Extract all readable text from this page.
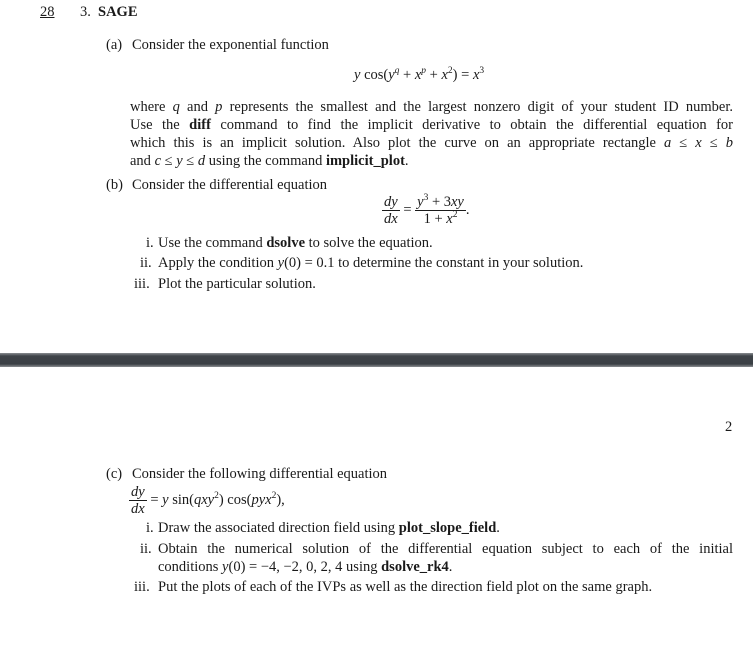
28 3. SAGE
(a) Consider the exponential function
y $\cos(y^q + x^p + x^2) = x^3$
where q and p represents the smallest and the largest nonzero digit of your student ID number.
Use the diff command to find the implicit derivative to obtain the differential equation for
which this is an implicit solution. Also plot the curve on an appropriate rectangle a ≤ x ≤ b
and c ≤ y ≤ d using the command implicit_plot.
(b) Consider the differential equation
$\frac{dy}{dx} = \frac{y^3 + 3xy}{1 + x^2}$ .
i. Use the command dsolve to solve the equation.
ii. Apply the condition y(0) = 0.1 to determine the constant in your solution.
iii. Plot the particular solution.
2
(c) Consider the following differential equation
$\frac{dy}{dx} = y$ sin(qxy$^2$) cos(pyx$^2$),
i. Draw the associated direction field using plot_slope_field.
ii. Obtain the numerical solution of the differential equation subject to each of the initial
conditions y(0) = −4, −2, 0, 2, 4 using dsolve_rk4.
iii. Put the plots of each of the IVPs as well as the direction field plot on the same graph.
